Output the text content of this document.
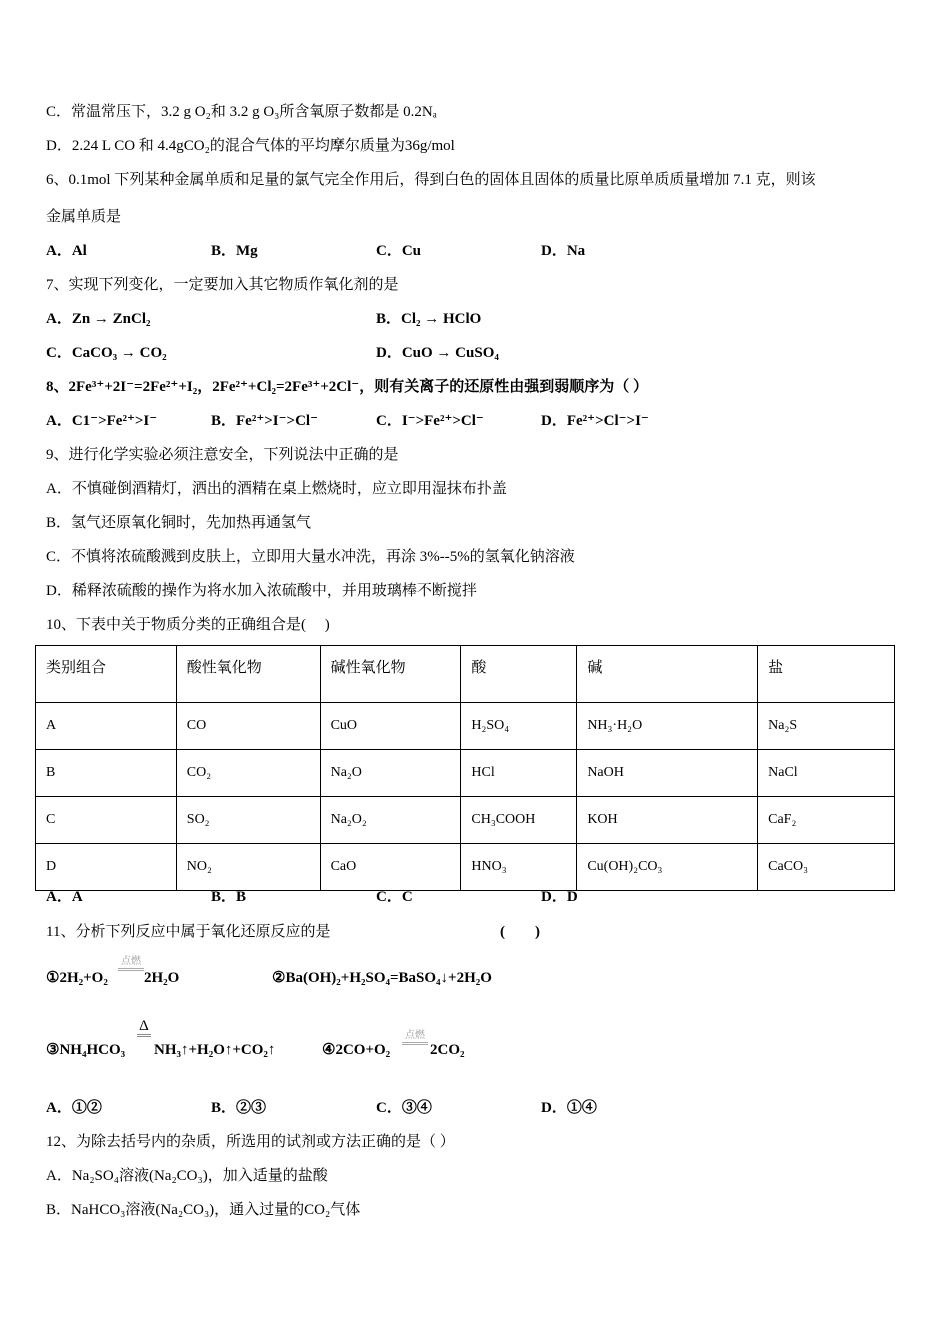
C．常温常压下，3.2 g O₂和 3.2 g O₃所含氧原子数都是 0.2Nₐ
D．2.24 L CO 和 4.4gCO₂的混合气体的平均摩尔质量为36g/mol
6、0.1mol 下列某种金属单质和足量的氯气完全作用后，得到白色的固体且固体的质量比原单质质量增加 7.1 克，则该
金属单质是
A．Al	B．Mg	C．Cu	D．Na
7、实现下列变化，一定要加入其它物质作氧化剂的是
A．Zn → ZnCl₂	B．Cl₂ → HClO
C．CaCO₃ → CO₂	D．CuO → CuSO₄
8、2Fe³⁺+2I⁻=2Fe²⁺+I₂，2Fe²⁺+Cl₂=2Fe³⁺+2Cl⁻，则有关离子的还原性由强到弱顺序为（ ）
A．C1⁻>Fe²⁺>I⁻	B．Fe²⁺>I⁻>Cl⁻	C．I⁻>Fe²⁺>Cl⁻	D．Fe²⁺>Cl⁻>I⁻
9、进行化学实验必须注意安全，下列说法中正确的是
A．不慎碰倒酒精灯，洒出的酒精在桌上燃烧时，应立即用湿抹布扑盖
B．氢气还原氧化铜时，先加热再通氢气
C．不慎将浓硫酸溅到皮肤上，立即用大量水冲洗，再涂 3%--5%的氢氧化钠溶液
D．稀释浓硫酸的操作为将水加入浓硫酸中，并用玻璃棒不断搅拌
10、下表中关于物质分类的正确组合是(　 )
类别组合	酸性氧化物	碱性氧化物	酸	碱	盐
A	CO	CuO	H₂SO₄	NH₃·H₂O	Na₂S
B	CO₂	Na₂O	HCl	NaOH	NaCl
C	SO₂	Na₂O₂	CH₃COOH	KOH	CaF₂
D	NO₂	CaO	HNO₃	Cu(OH)₂CO₃	CaCO₃
A．A	B．B	C．C	D．D
11、分析下列反应中属于氧化还原反应的是	(　　)
①2H₂+O₂
点燃
2H₂O	②Ba(OH)₂+H₂SO₄=BaSO₄↓+2H₂O
Δ
③NH₄HCO₃ NH₃↑+H₂O↑+CO₂↑	④2CO+O₂
点燃
2CO₂
A．①②	B．②③	C．③④	D．①④
12、为除去括号内的杂质，所选用的试剂或方法正确的是（ ）
A．Na₂SO₄溶液(Na₂CO₃)，加入适量的盐酸
B．NaHCO₃溶液(Na₂CO₃)，通入过量的CO₂气体
